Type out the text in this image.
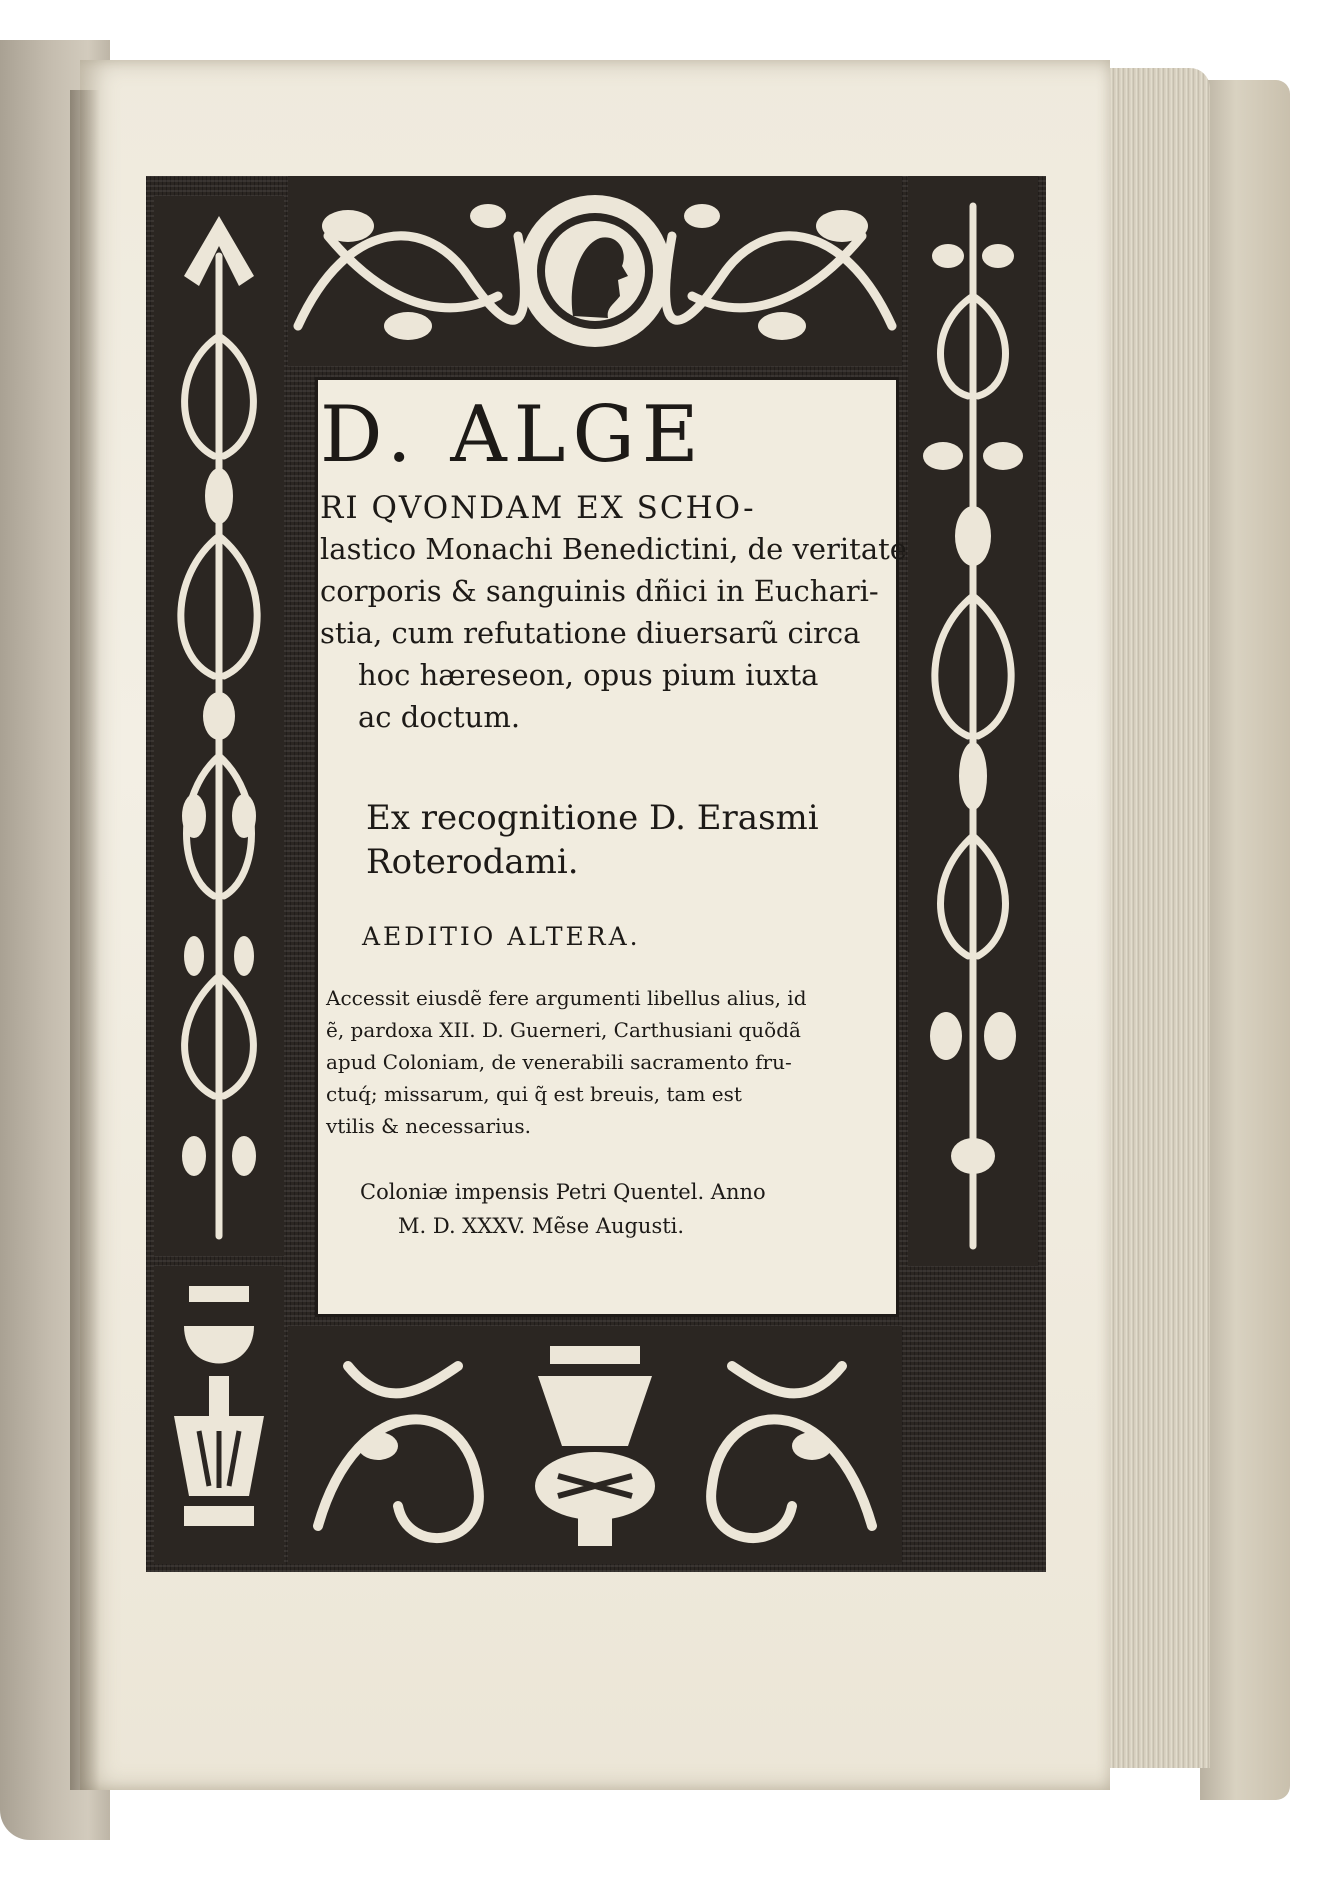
D. ALGE
RI QVONDAM EX SCHO-
lastico Monachi Benedictini, de veritate
corporis & sanguinis dñici in Euchari-
stia, cum refutatione diuersarũ circa
hoc hæreseon, opus pium iuxta
ac doctum.
Ex recognitione D. Erasmi
Roterodami.
AEDITIO ALTERA.
Accessit eiusdẽ fere argumenti libellus alius, id
ẽ, pardoxa XII. D. Guerneri, Carthusiani quõdã
apud Coloniam, de venerabili sacramento fru-
ctuq́; missarum, qui q̃ est breuis, tam est
vtilis & necessarius.
Coloniæ impensis Petri Quentel. Anno
M. D. XXXV. Mẽse Augusti.
